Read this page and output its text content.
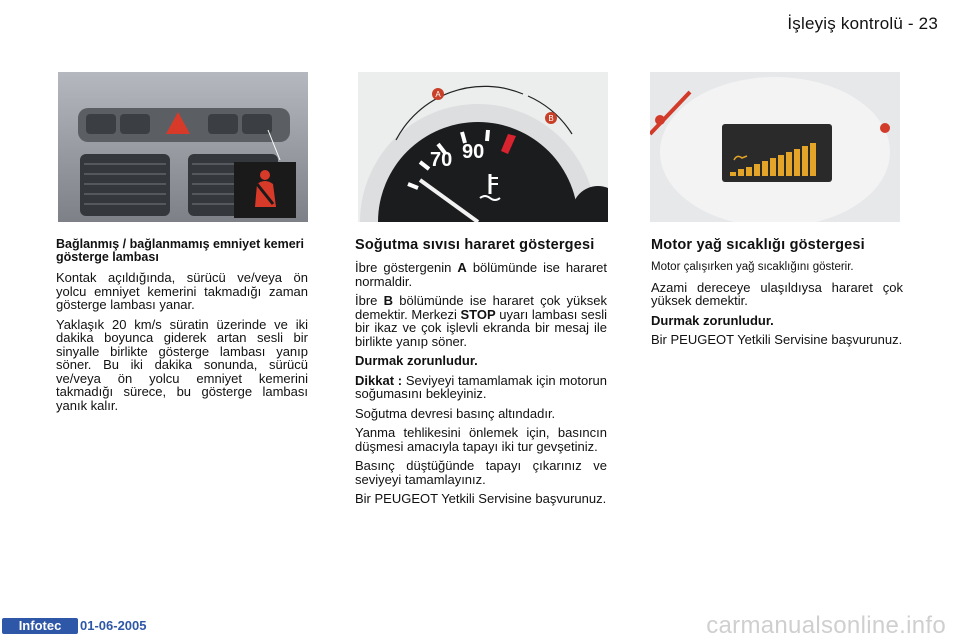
İşleyiş kontrolü - 23
A
B
70 90

Bağlanmış / bağlanmamış emniyet kemeri gösterge lambası

Kontak açıldığında, sürücü ve/veya ön yolcu emniyet kemerini takmadığı zaman gösterge lambası yanar.

Yaklaşık 20 km/s süratin üzerinde ve iki dakika boyunca giderek artan sesli bir sinyalle birlikte gösterge lambası yanıp söner. Bu iki dakika sonunda, sürücü ve/veya ön yolcu emniyet kemerini takmadığı sürece, bu gösterge lambası yanık kalır.

Soğutma sıvısı hararet göstergesi

İbre göstergenin A bölümünde ise hararet normaldir.

İbre B bölümünde ise hararet çok yüksek demektir. Merkezi STOP uyarı lambası sesli bir ikaz ve çok işlevli ekranda bir mesaj ile birlikte yanıp söner.

Durmak zorunludur.

Dikkat : Seviyeyi tamamlamak için motorun soğumasını bekleyiniz.

Soğutma devresi basınç altındadır.

Yanma tehlikesini önlemek için, basıncın düşmesi amacıyla tapayı iki tur gevşetiniz.

Basınç düştüğünde tapayı çıkarınız ve seviyeyi tamamlayınız.

Bir PEUGEOT Yetkili Servisine başvurunuz.

Motor yağ sıcaklığı göstergesi

Motor çalışırken yağ sıcaklığını gösterir.

Azami dereceye ulaşıldıysa hararet çok yüksek demektir.

Durmak zorunludur.

Bir PEUGEOT Yetkili Servisine başvurunuz.

Infotec	01-06-2005	carmanualsonline.info
